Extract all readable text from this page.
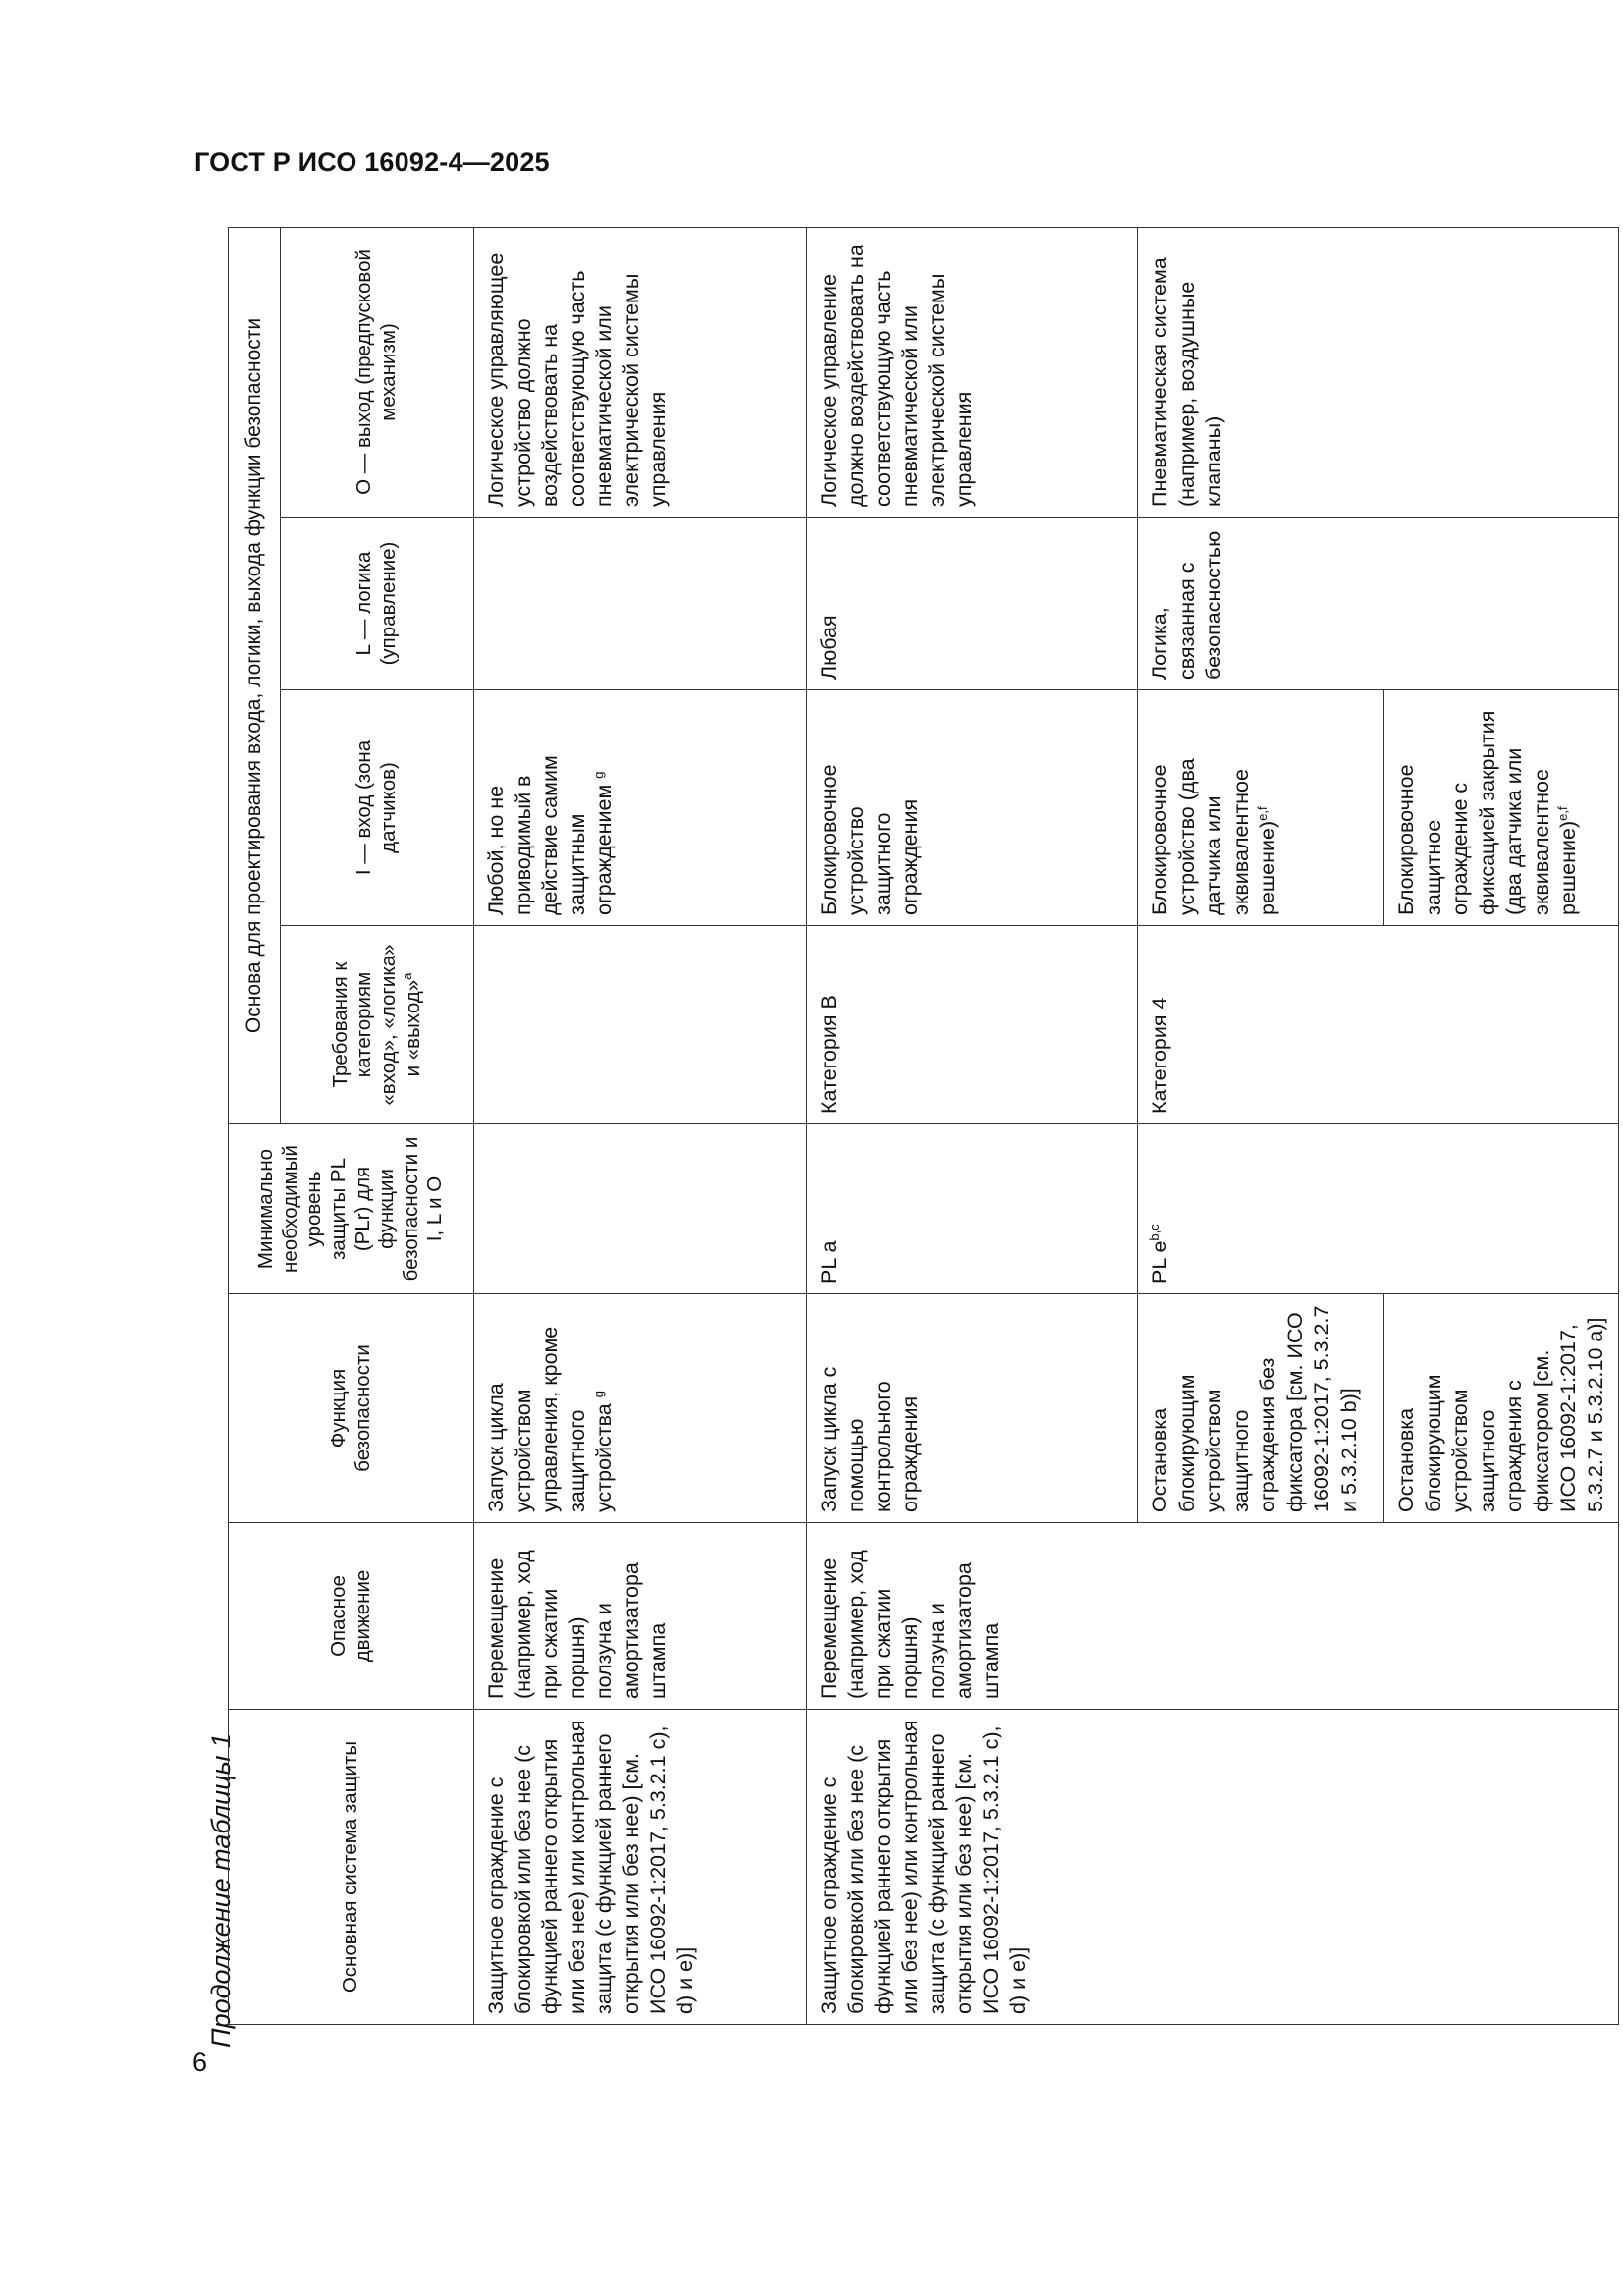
ГОСТ Р ИСО 16092-4—2025
6
Продолжение таблицы 1	Основная система защиты	Опасное движение	Функция безопасности	Минимально необходимый уровень защиты PL (PLr) для функции безопасности и I, L и O	Основа для проектирования входа, логики, выхода функции безопасности			
				Требования к категориям «вход», «логика» и «выход»$^a$	I — вход (зона датчиков)	L — логика (управление)	O — выход (предпусковой механизм)
Защитное ограждение с блокировкой или без нее (с функцией раннего открытия или без нее) или контрольная защита (с функцией раннего открытия или без нее) [см. ИСО 16092-1:2017, 5.3.2.1 c), d) и e)]	Перемещение (например, ход при сжатии поршня) ползуна и амортизатора штампа	Запуск цикла устройством управления, кроме защитного устройства $^g$			Любой, но не приводимый в действие самим защитным ограждением $^g$		Логическое управляющее устройство должно воздействовать на соответствующую часть пневматической или электрической системы управления
Защитное ограждение с блокировкой или без нее (с функцией раннего открытия или без нее) или контрольная защита (с функцией раннего открытия или без нее) [см. ИСО 16092-1:2017, 5.3.2.1 c), d) и e)]	Перемещение (например, ход при сжатии поршня) ползуна и амортизатора штампа	Запуск цикла с помощью контрольного ограждения	PL a	Категория B	Блокировочное устройство защитного ограждения	Любая	Логическое управление должно воздействовать на соответствующую часть пневматической или электрической системы управления
		Остановка блокирующим устройством защитного ограждения без фиксатора [см. ИСО 16092-1:2017, 5.3.2.7 и 5.3.2.10 b)]	PL $e^{b,c}$	Категория 4	Блокировочное устройство (два датчика или эквивалентное решение)$^{e,f}$	Логика, связанная с безопасностью	Пневматическая система (например, воздушные клапаны)
		Остановка блокирующим устройством защитного ограждения с фиксатором [см. ИСО 16092-1:2017, 5.3.2.7 и 5.3.2.10 a)]			Блокировочное защитное ограждение с фиксацией закрытия (два датчика или эквивалентное решение)$^{e,f}$
